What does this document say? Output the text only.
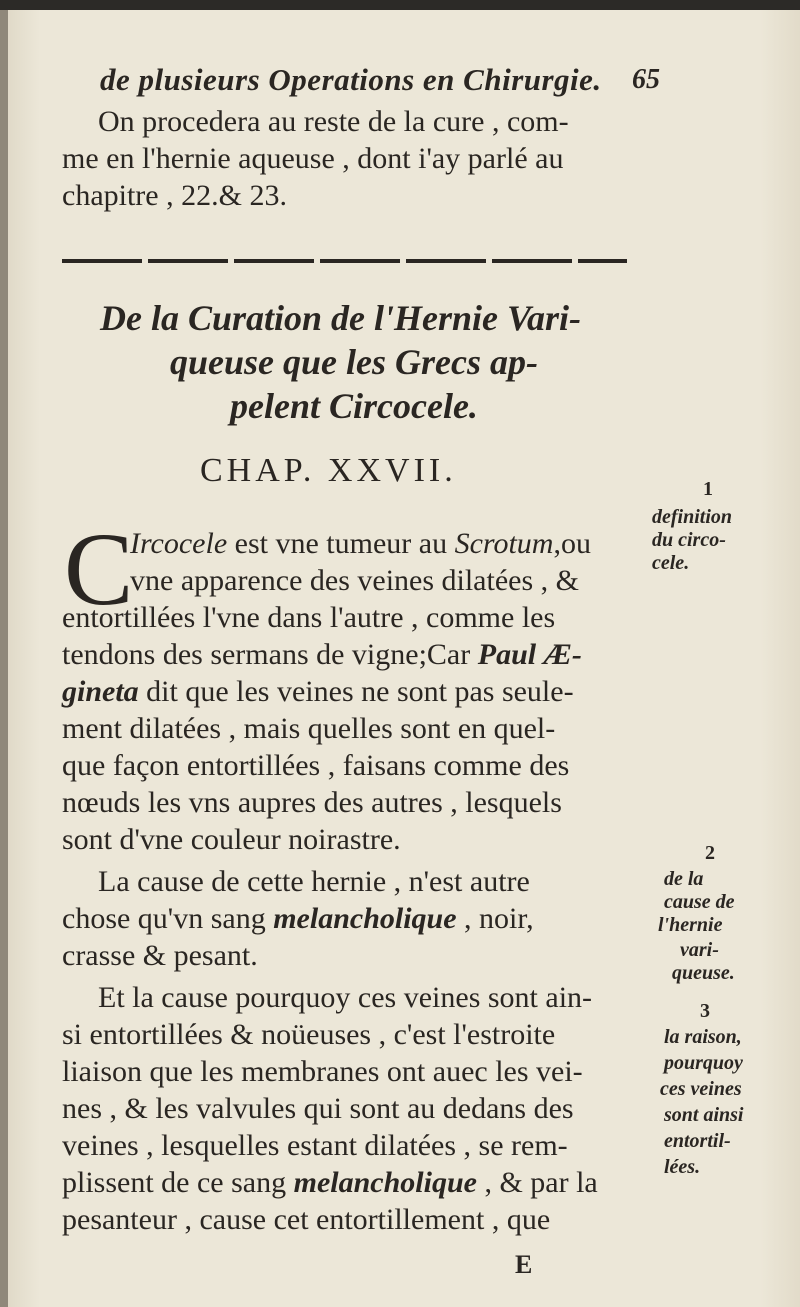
de plusieurs Operations en Chirurgie. 65
On procedera au reste de la cure , com-
me en l'hernie aqueuse , dont i'ay parlé au
chapitre , 22.& 23.
De la Curation de l'Hernie Vari-
queuse que les Grecs ap-
pelent Circocele.
CHAP. XXVII.
C
Ircocele est vne tumeur au Scrotum,ou
vne apparence des veines dilatées , &
entortillées l'vne dans l'autre , comme les
tendons des sermans de vigne;Car Paul Æ-
gineta dit que les veines ne sont pas seule-
ment dilatées , mais quelles sont en quel-
que façon entortillées , faisans comme des
nœuds les vns aupres des autres , lesquels
sont d'vne couleur noirastre.
La cause de cette hernie , n'est autre
chose qu'vn sang melancholique , noir,
crasse & pesant.
Et la cause pourquoy ces veines sont ain-
si entortillées & noüeuses , c'est l'estroite
liaison que les membranes ont auec les vei-
nes , & les valvules qui sont au dedans des
veines , lesquelles estant dilatées , se rem-
plissent de ce sang melancholique , & par la
pesanteur , cause cet entortillement , que
1
definition
du circo-
cele.
2
de la
cause de
l'hernie
vari-
queuse.
3
la raison,
pourquoy
ces veines
sont ainsi
entortil-
lées.
E
